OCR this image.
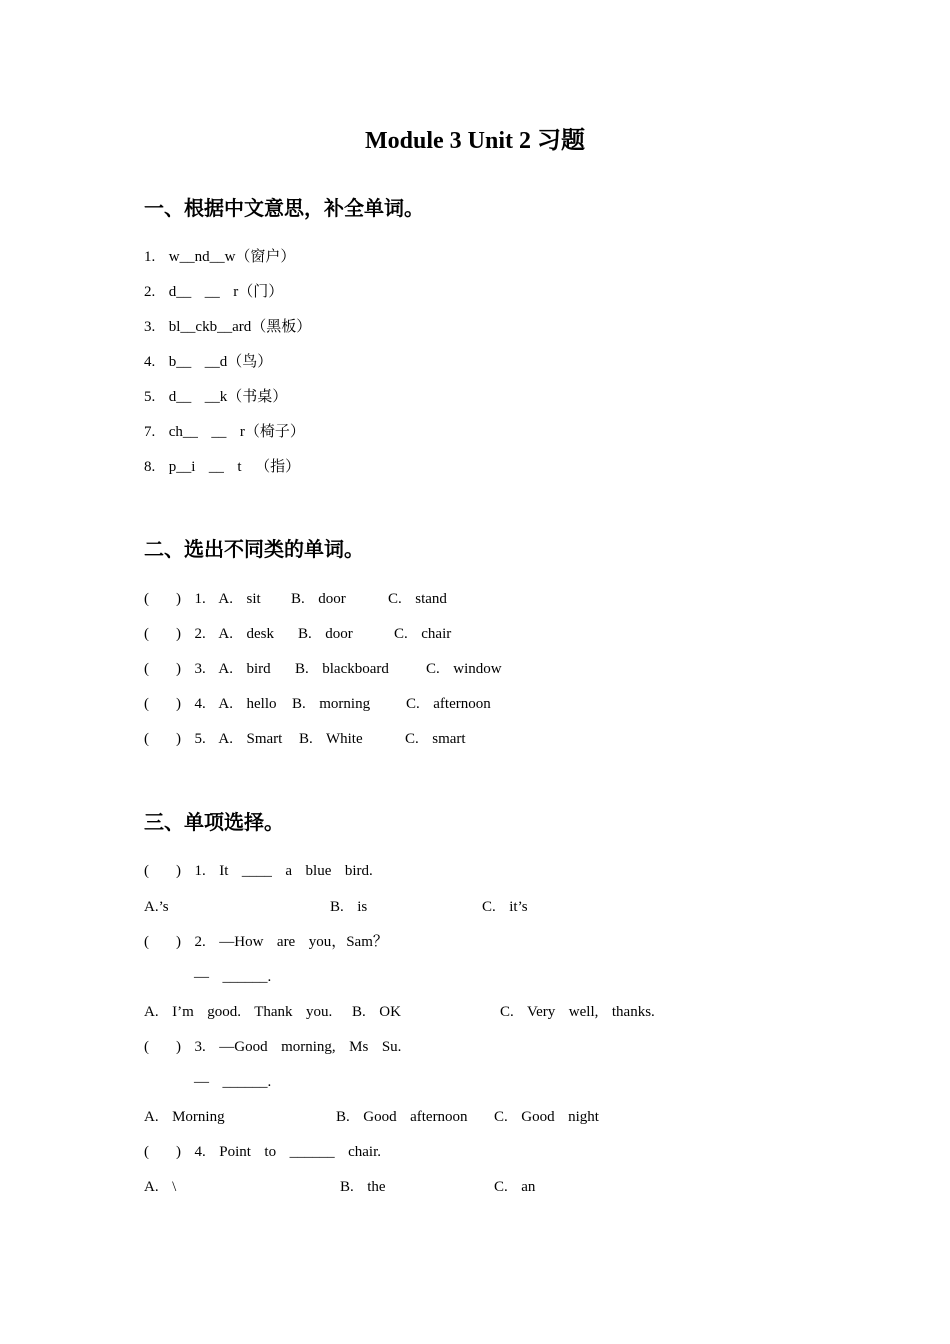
Module 3 Unit 2 习题
一、根据中文意思，补全单词。
1.  w__nd__w（窗户）
2.  d__  __  r（门）
3.  bl__ckb__ard（黑板）
4.  b__  __d（鸟）
5.  d__  __k（书桌）
7.  ch__  __  r（椅子）
8.  p__i  __  t  （指）
二、选出不同类的单词。
(    )  1.  A.  sit B.  door	C.  stand
(    )  2.  A.  desk B.  door	C.  chair
(    )  3.  A.  bird B.  blackboard C.  window
(    )  4.  A.  hello B.  morning C.  afternoon
(    )  5.  A.  Smart B.  White	C.  smart
三、单项选择。
(    )  1.  It  ____  a  blue  bird.
A.’s	B.  is	C.  it’s
(    )  2.  —How  are  you，Sam？
—  ______.
A.  I’m  good.  Thank  you. B.  OK	C.  Very  well,  thanks.
(    )  3.  —Good  morning,  Ms  Su.
—  ______.
A.  Morning	B.  Good  afternoon C.  Good  night
(    )  4.  Point  to  ______  chair.
A.  \	B.  the	C.  an
